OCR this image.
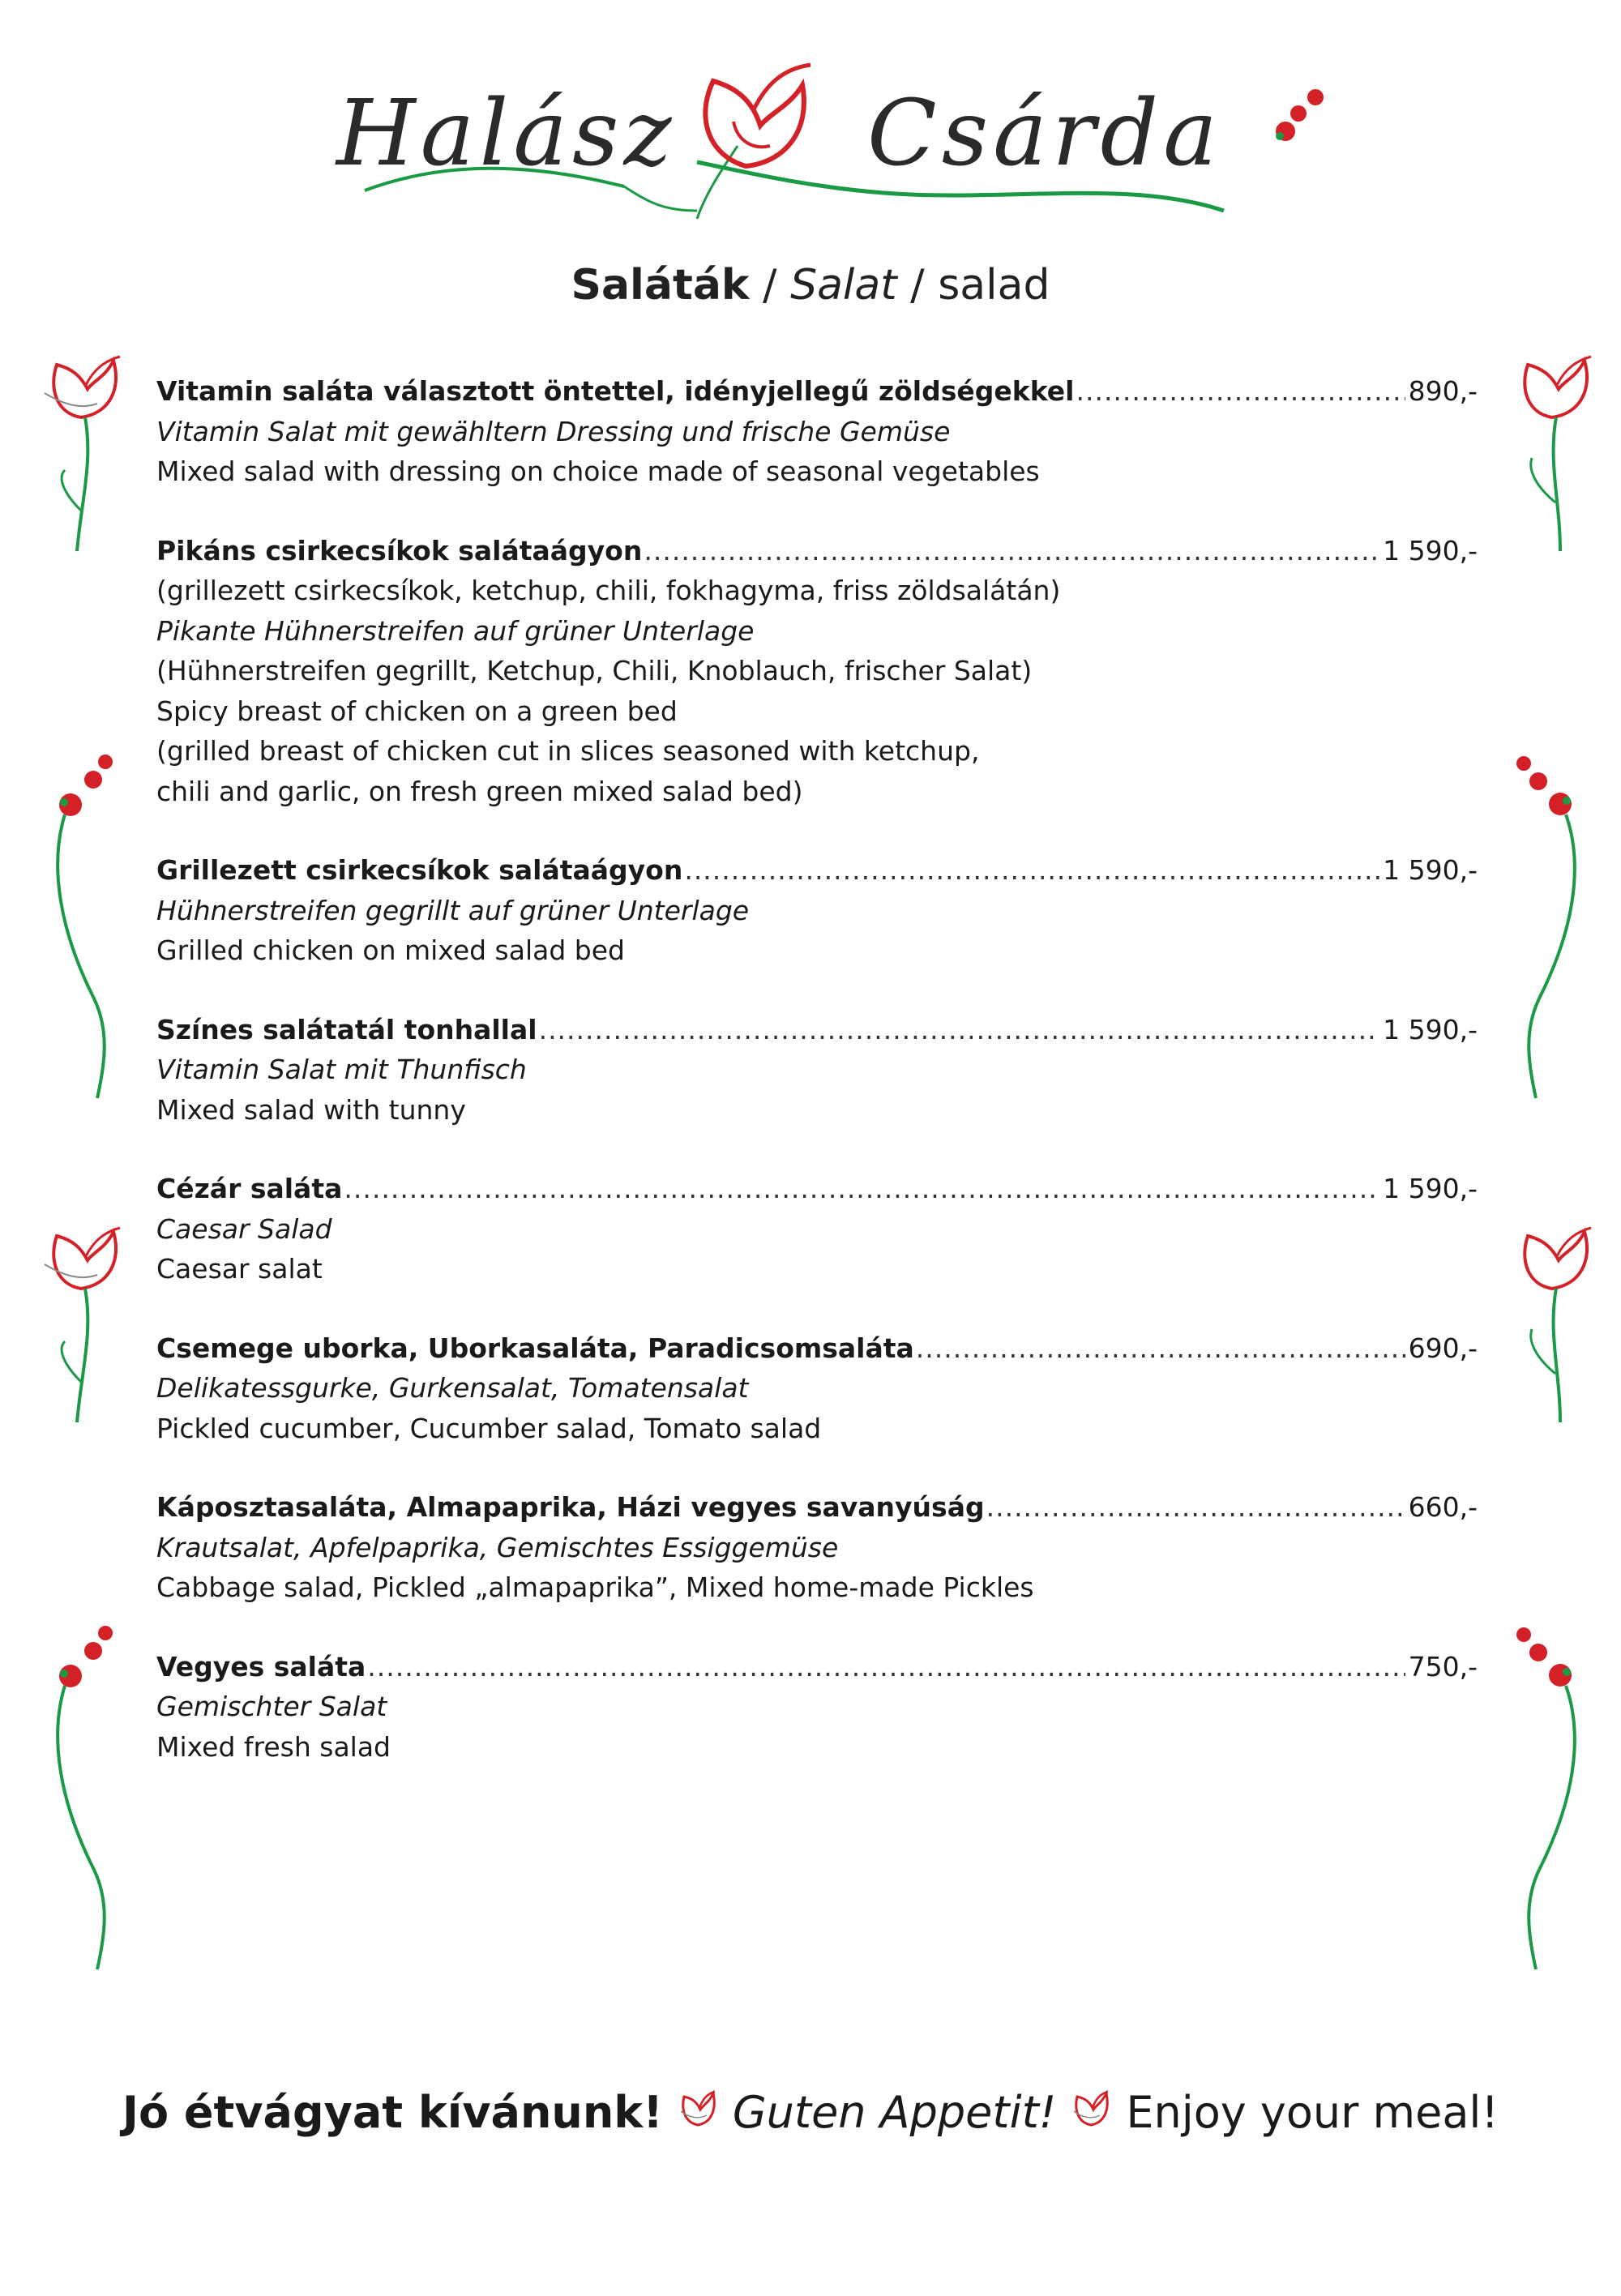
Halász Csárda
Saláták / Salat / salad
Vitamin saláta választott öntettel, idényjellegű zöldségekkel .....	890,-
Vitamin Salat mit gewähltern Dressing und frische Gemüse
Mixed salad with dressing on choice made of seasonal vegetables
Pikáns csirkecsíkok salátaágyon .....	1 590,-
(grillezett csirkecsíkok, ketchup, chili, fokhagyma, friss zöldsalátán)
Pikante Hühnerstreifen auf grüner Unterlage
(Hühnerstreifen gegrillt, Ketchup, Chili, Knoblauch, frischer Salat)
Spicy breast of chicken on a green bed
(grilled breast of chicken cut in slices seasoned with ketchup,
chili and garlic, on fresh green mixed salad bed)
Grillezett csirkecsíkok salátaágyon .....	1 590,-
Hühnerstreifen gegrillt auf grüner Unterlage
Grilled chicken on mixed salad bed
Színes salátatál tonhallal .....	1 590,-
Vitamin Salat mit Thunfisch
Mixed salad with tunny
Cézár saláta .....	1 590,-
Caesar Salad
Caesar salat
Csemege uborka, Uborkasaláta, Paradicsomsaláta .....	690,-
Delikatessgurke, Gurkensalat, Tomatensalat
Pickled cucumber, Cucumber salad, Tomato salad
Káposztasaláta, Almapaprika, Házi vegyes savanyúság .....	660,-
Krautsalat, Apfelpaprika, Gemischtes Essiggemüse
Cabbage salad, Pickled „almapaprika”, Mixed home-made Pickles
Vegyes saláta .....	750,-
Gemischter Salat
Mixed fresh salad
Jó étvágyat kívánunk! Guten Appetit! Enjoy your meal!
